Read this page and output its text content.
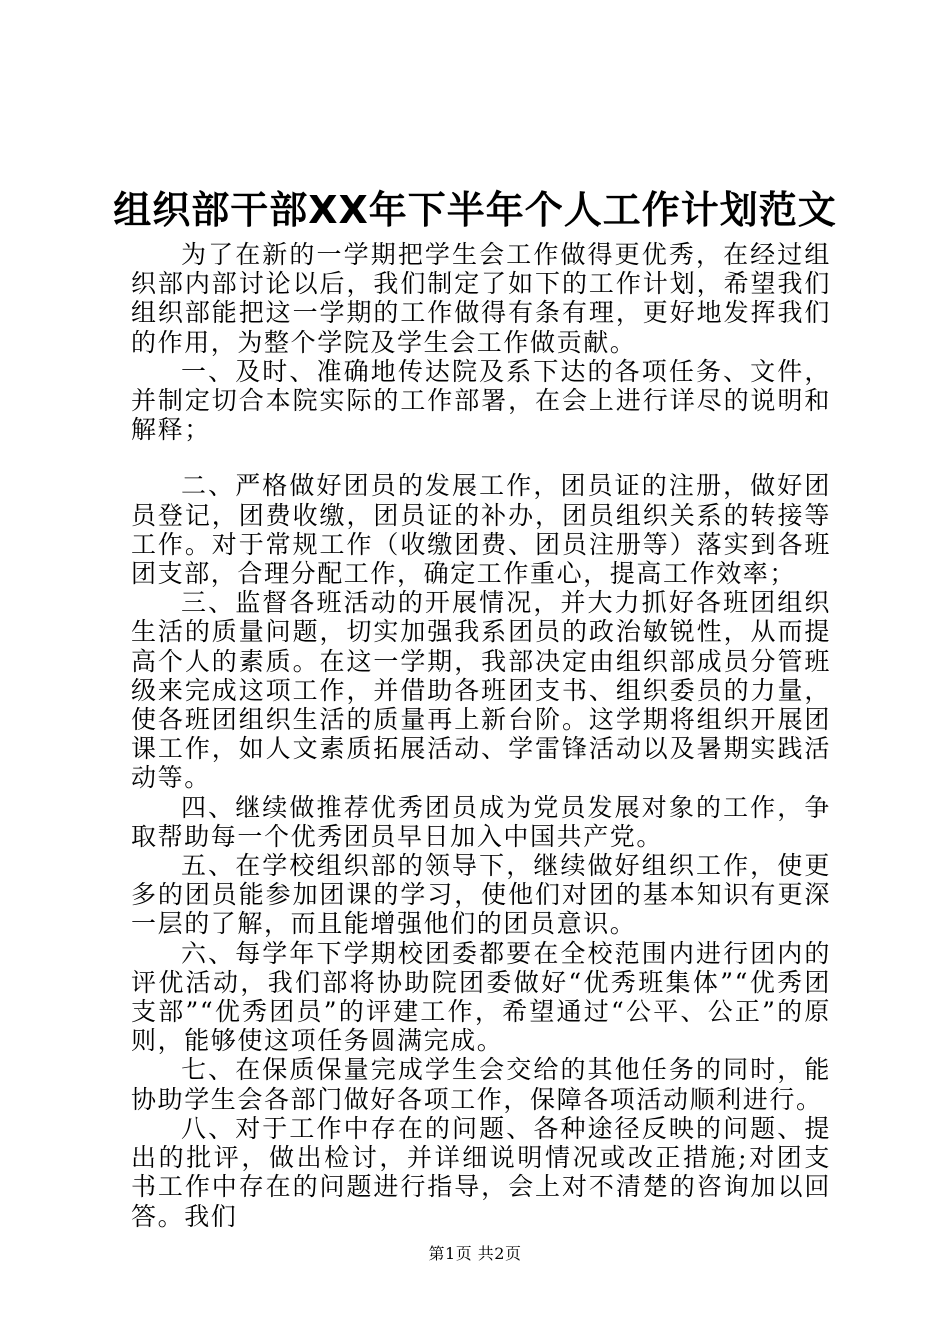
组织部干部XX年下半年个人工作计划范文

为了在新的一学期把学生会工作做得更优秀，在经过组织部内部讨论以后，我们制定了如下的工作计划，希望我们组织部能把这一学期的工作做得有条有理，更好地发挥我们的作用，为整个学院及学生会工作做贡献。

一、及时、准确地传达院及系下达的各项任务、文件，并制定切合本院实际的工作部署，在会上进行详尽的说明和解释；

二、严格做好团员的发展工作，团员证的注册，做好团员登记，团费收缴，团员证的补办，团员组织关系的转接等工作。对于常规工作（收缴团费、团员注册等）落实到各班团支部，合理分配工作，确定工作重心，提高工作效率；

三、监督各班活动的开展情况，并大力抓好各班团组织生活的质量问题，切实加强我系团员的政治敏锐性，从而提高个人的素质。在这一学期，我部决定由组织部成员分管班级来完成这项工作，并借助各班团支书、组织委员的力量，使各班团组织生活的质量再上新台阶。这学期将组织开展团课工作，如人文素质拓展活动、学雷锋活动以及暑期实践活动等。

四、继续做推荐优秀团员成为党员发展对象的工作，争取帮助每一个优秀团员早日加入中国共产党。

五、在学校组织部的领导下，继续做好组织工作，使更多的团员能参加团课的学习，使他们对团的基本知识有更深一层的了解，而且能增强他们的团员意识。

六、每学年下学期校团委都要在全校范围内进行团内的评优活动，我们部将协助院团委做好“优秀班集体”“优秀团支部”“优秀团员”的评建工作，希望通过“公平、公正”的原则，能够使这项任务圆满完成。

七、在保质保量完成学生会交给的其他任务的同时，能协助学生会各部门做好各项工作，保障各项活动顺利进行。

八、对于工作中存在的问题、各种途径反映的问题、提出的批评，做出检讨，并详细说明情况或改正措施;对团支书工作中存在的问题进行指导，会上对不清楚的咨询加以回答。我们

第1页 共2页
